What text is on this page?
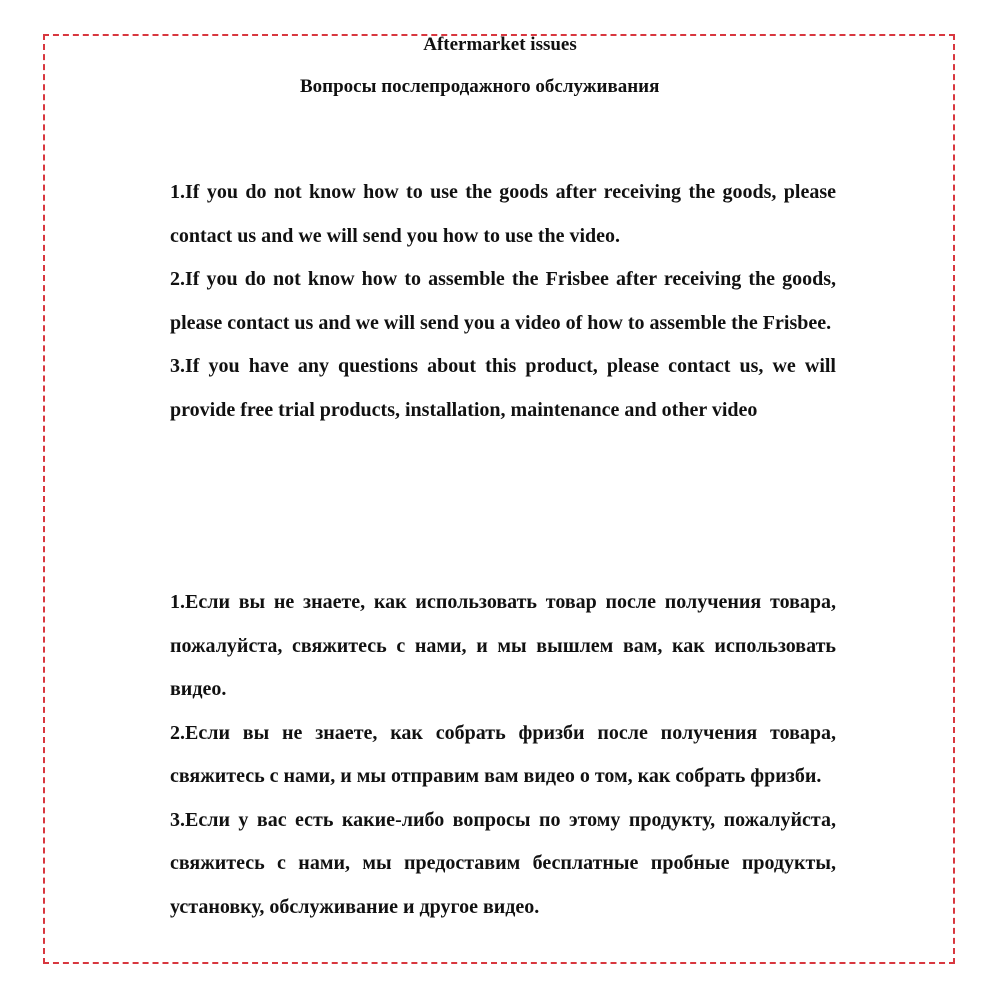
Aftermarket issues
Вопросы послепродажного обслуживания

1.If you do not know how to use the goods after receiving the goods, please contact us and we will send you how to use the video.

2.If you do not know how to assemble the Frisbee after receiving the goods, please contact us and we will send you a video of how to assemble the Frisbee.

3.If you have any questions about this product, please contact us, we will provide free trial products, installation, maintenance and other video

1.Если вы не знаете, как использовать товар после получения товара, пожалуйста, свяжитесь с нами, и мы вышлем вам, как использовать видео.

2.Если вы не знаете, как собрать фризби после получения товара, свяжитесь с нами, и мы отправим вам видео о том, как собрать фризби.

3.Если у вас есть какие-либо вопросы по этому продукту, пожалуйста, свяжитесь с нами, мы предоставим бесплатные пробные продукты, установку, обслуживание и другое видео.
